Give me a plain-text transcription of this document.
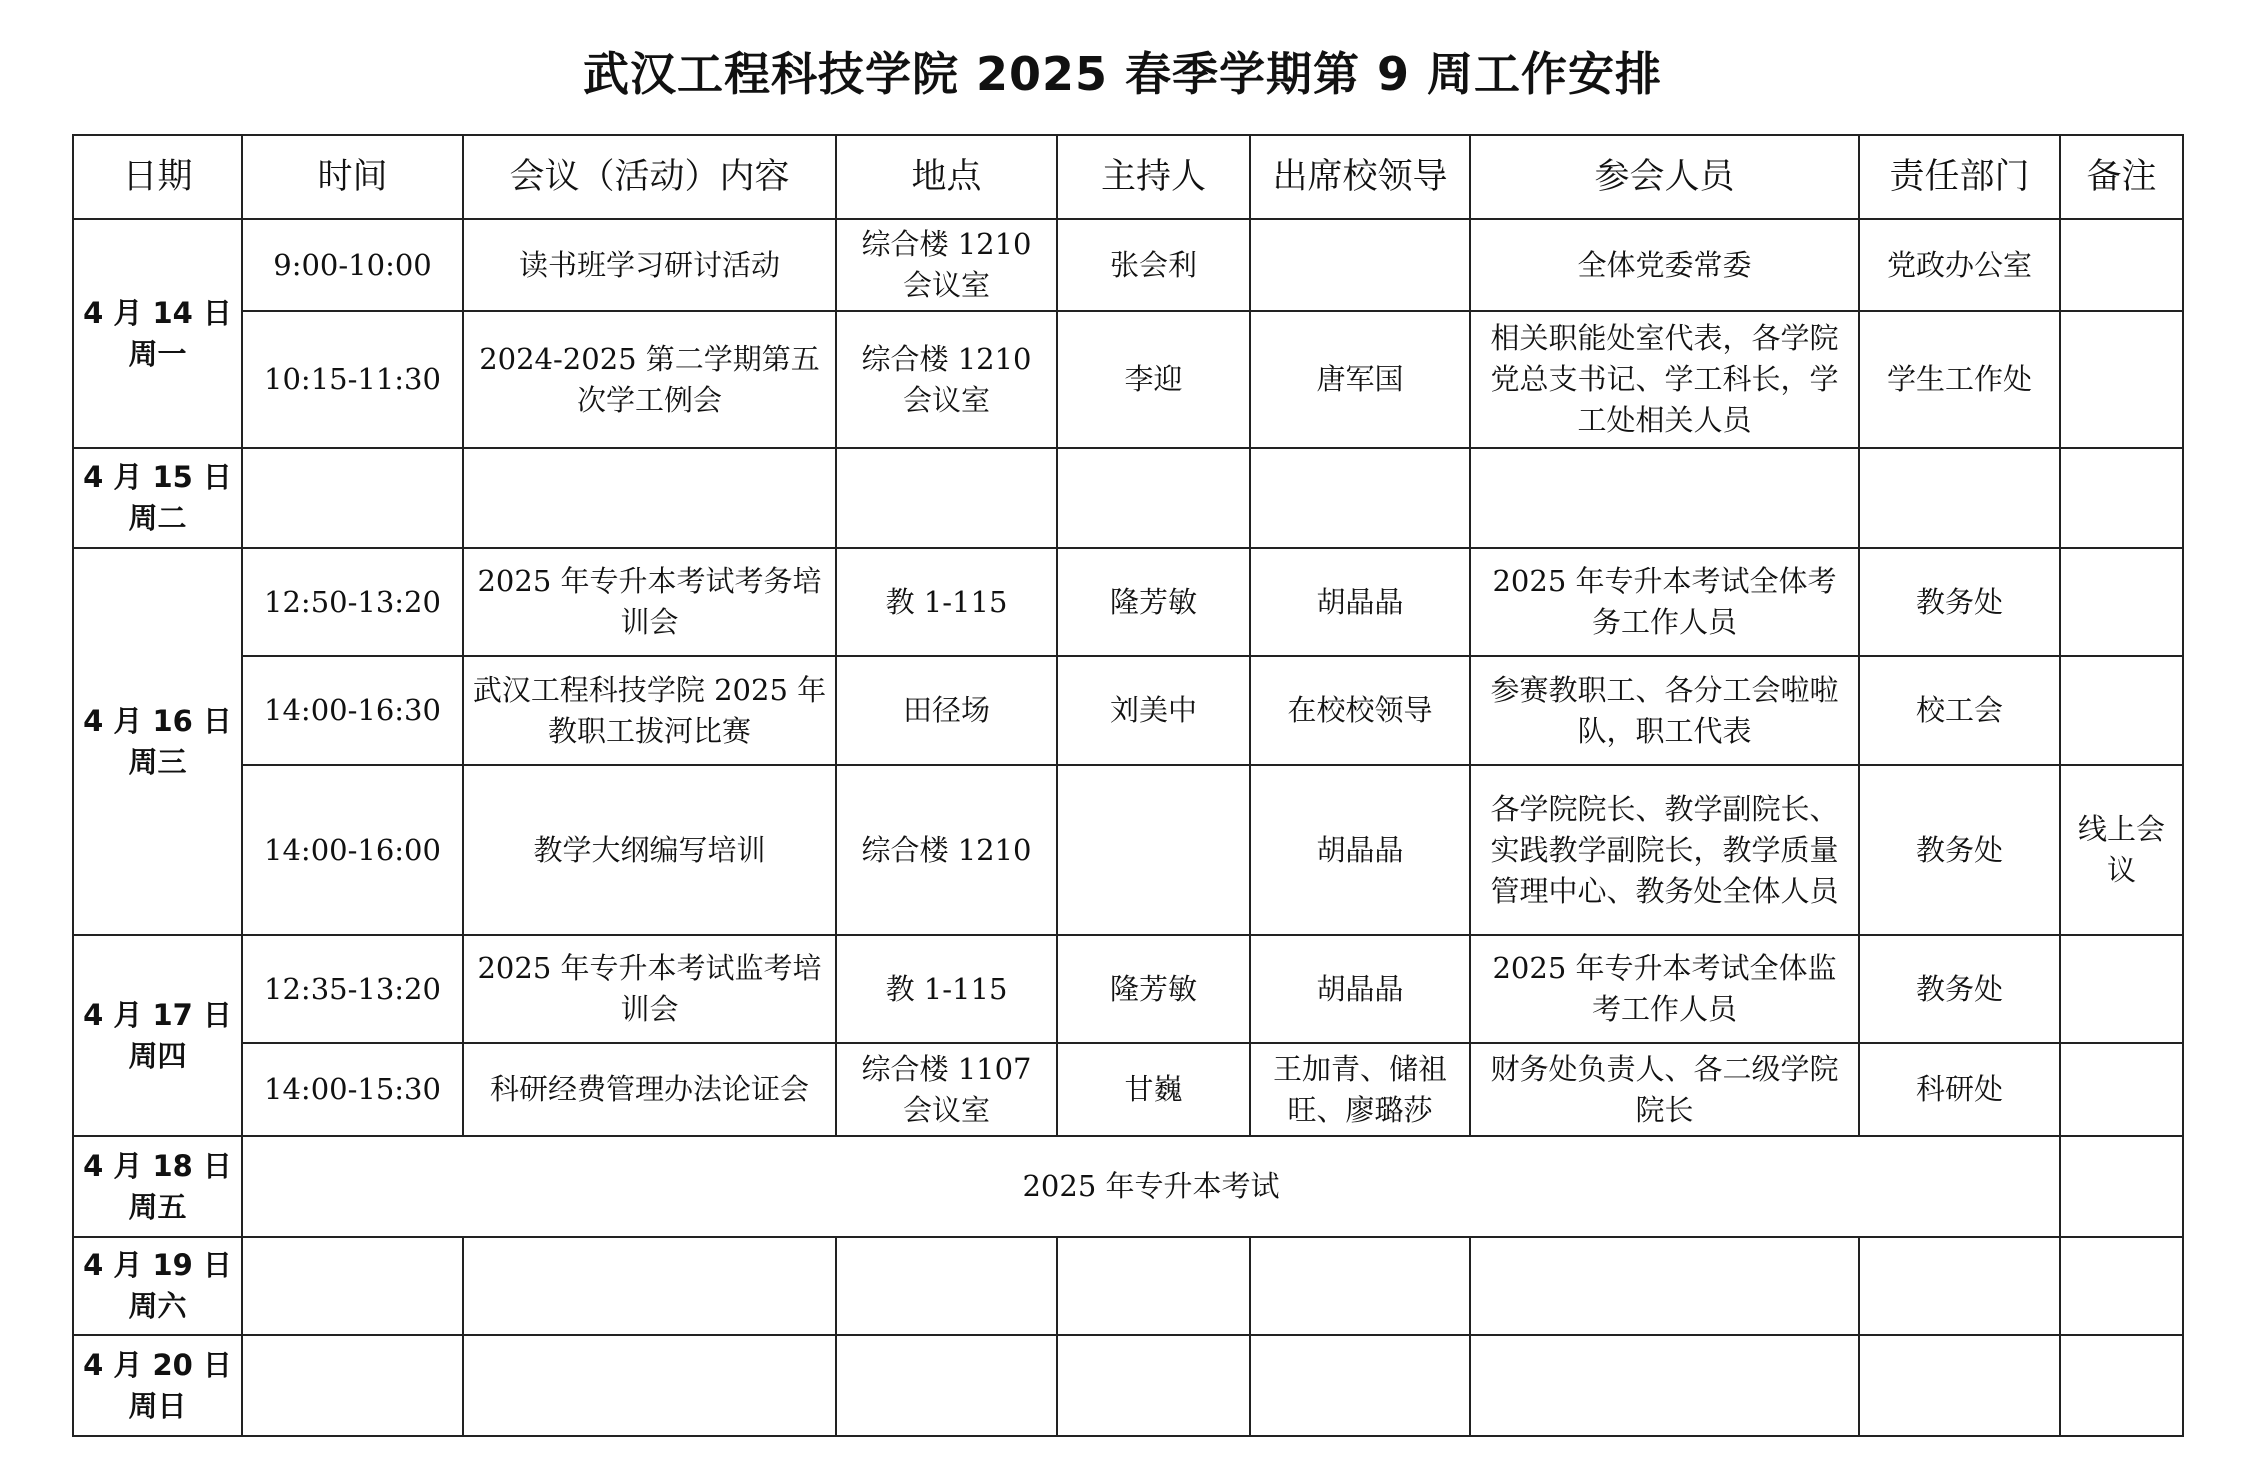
武汉工程科技学院 2025 春季学期第 9 周工作安排
日期	时间	会议（活动）内容	地点	主持人	出席校领导	参会人员	责任部门	备注

4 月 14 日
周一	9:00-10:00	读书班学习研讨活动	综合楼 1210 会议室	张会利		全体党委常委	党政办公室	
	10:15-11:30	2024-2025 第二学期第五次学工例会	综合楼 1210 会议室	李迎	唐军国	相关职能处室代表，各学院党总支书记、学工科长，学工处相关人员	学生工作处	

4 月 15 日
周二								

4 月 16 日
周三	12:50-13:20	2025 年专升本考试考务培训会	教 1-115	隆芳敏	胡晶晶	2025 年专升本考试全体考务工作人员	教务处	
	14:00-16:30	武汉工程科技学院 2025 年教职工拔河比赛	田径场	刘美中	在校校领导	参赛教职工、各分工会啦啦队，职工代表	校工会	
	14:00-16:00	教学大纲编写培训	综合楼 1210		胡晶晶	各学院院长、教学副院长、实践教学副院长，教学质量管理中心、教务处全体人员	教务处	线上会议

4 月 17 日
周四	12:35-13:20	2025 年专升本考试监考培训会	教 1-115	隆芳敏	胡晶晶	2025 年专升本考试全体监考工作人员	教务处	
	14:00-15:30	科研经费管理办法论证会	综合楼 1107 会议室	甘巍	王加青、储祖旺、廖璐莎	财务处负责人、各二级学院院长	科研处	

4 月 18 日
周五	2025 年专升本考试							

4 月 19 日
周六								

4 月 20 日
周日								
